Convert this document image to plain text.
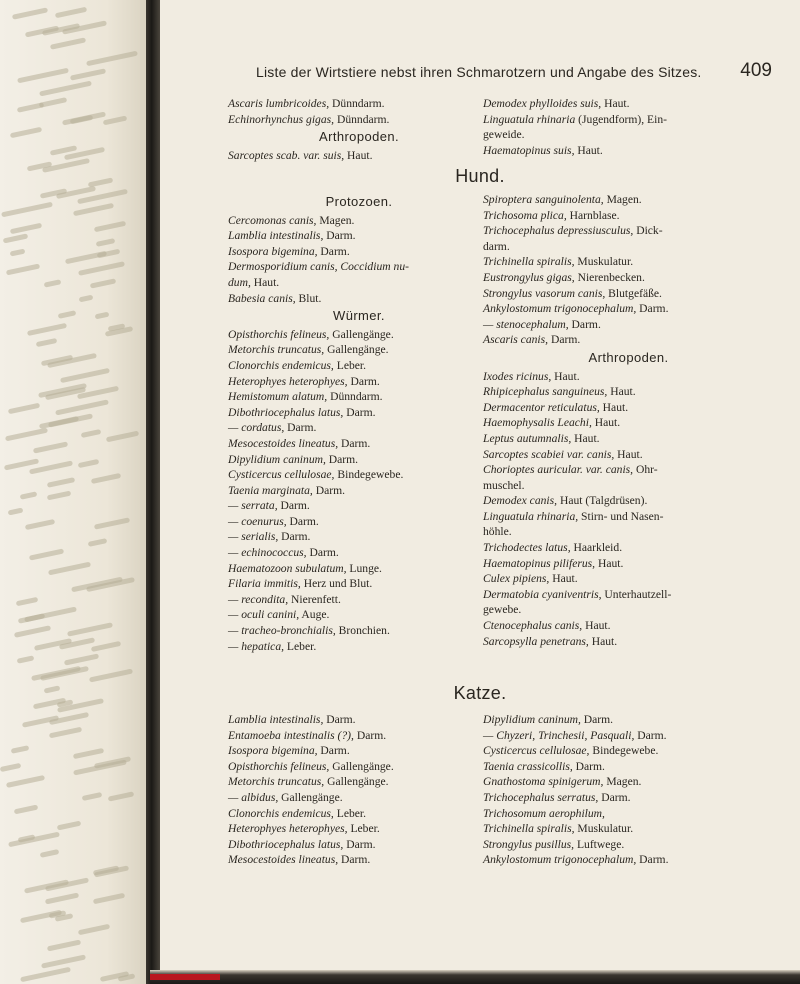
Liste der Wirtstiere nebst ihren Schmarotzern und Angabe des Sitzes. 409
Ascaris lumbricoides, Dünndarm.
Echinorhynchus gigas, Dünndarm.
Arthropoden.
Sarcoptes scab. var. suis, Haut.
Demodex phylloides suis, Haut.
Linguatula rhinaria (Jugendform), Ein-
geweide.
Haematopinus suis, Haut.
Hund.
Protozoen.
Cercomonas canis, Magen.
Lamblia intestinalis, Darm.
Isospora bigemina, Darm.
Dermosporidium canis, Coccidium nu-
dum, Haut.
Babesia canis, Blut.
Würmer.
Opisthorchis felineus, Gallengänge.
Metorchis truncatus, Gallengänge.
Clonorchis endemicus, Leber.
Heterophyes heterophyes, Darm.
Hemistomum alatum, Dünndarm.
Dibothriocephalus latus, Darm.
— cordatus, Darm.
Mesocestoides lineatus, Darm.
Dipylidium caninum, Darm.
Cysticercus cellulosae, Bindegewebe.
Taenia marginata, Darm.
— serrata, Darm.
— coenurus, Darm.
— serialis, Darm.
— echinococcus, Darm.
Haematozoon subulatum, Lunge.
Filaria immitis, Herz und Blut.
— recondita, Nierenfett.
— oculi canini, Auge.
— tracheo-bronchialis, Bronchien.
— hepatica, Leber.
Spiroptera sanguinolenta, Magen.
Trichosoma plica, Harnblase.
Trichocephalus depressiusculus, Dick-
darm.
Trichinella spiralis, Muskulatur.
Eustrongylus gigas, Nierenbecken.
Strongylus vasorum canis, Blutgefäße.
Ankylostomum trigonocephalum, Darm.
— stenocephalum, Darm.
Ascaris canis, Darm.
Arthropoden.
Ixodes ricinus, Haut.
Rhipicephalus sanguineus, Haut.
Dermacentor reticulatus, Haut.
Haemophysalis Leachi, Haut.
Leptus autumnalis, Haut.
Sarcoptes scabiei var. canis, Haut.
Chorioptes auricular. var. canis, Ohr-
muschel.
Demodex canis, Haut (Talgdrüsen).
Linguatula rhinaria, Stirn- und Nasen-
höhle.
Trichodectes latus, Haarkleid.
Haematopinus piliferus, Haut.
Culex pipiens, Haut.
Dermatobia cyaniventris, Unterhautzell-
gewebe.
Ctenocephalus canis, Haut.
Sarcopsylla penetrans, Haut.
Katze.
Lamblia intestinalis, Darm.
Entamoeba intestinalis (?), Darm.
Isospora bigemina, Darm.
Opisthorchis felineus, Gallengänge.
Metorchis truncatus, Gallengänge.
— albidus, Gallengänge.
Clonorchis endemicus, Leber.
Heterophyes heterophyes, Leber.
Dibothriocephalus latus, Darm.
Mesocestoides lineatus, Darm.
Dipylidium caninum, Darm.
— Chyzeri, Trinchesii, Pasquali, Darm.
Cysticercus cellulosae, Bindegewebe.
Taenia crassicollis, Darm.
Gnathostoma spinigerum, Magen.
Trichocephalus serratus, Darm.
Trichosomum aerophilum,
Trichinella spiralis, Muskulatur.
Strongylus pusillus, Luftwege.
Ankylostomum trigonocephalum, Darm.
